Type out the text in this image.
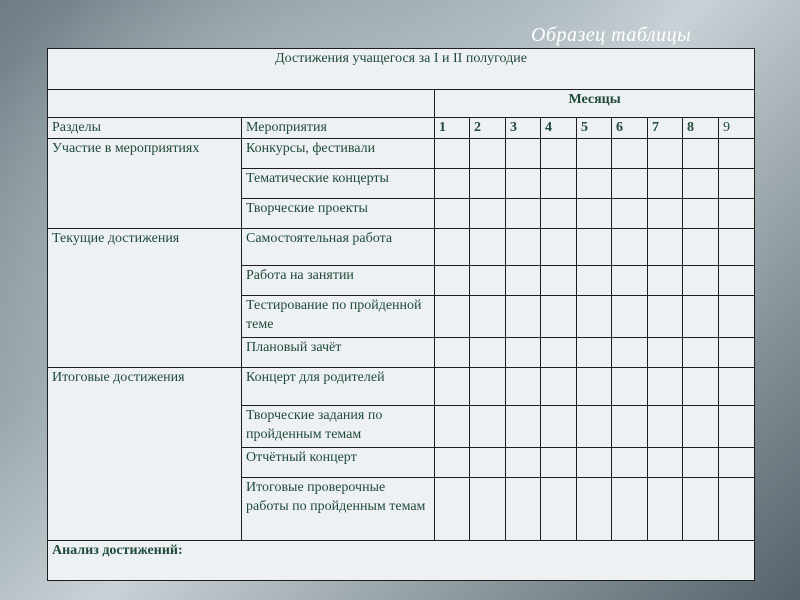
Образец таблицы
Достижения учащегося за I и II полугодие										
		Месяцы								
Разделы	Мероприятия	1	2	3	4	5	6	7	8	9
Участие в мероприятиях	Конкурсы, фестивали									
	Тематические концерты									
	Творческие проекты									
Текущие достижения	Самостоятельная работа									
	Работа на занятии									
	Тестирование по пройденной теме									
	Плановый зачёт									
Итоговые достижения	Концерт для родителей									
	Творческие задания по пройденным темам									
	Отчётный концерт									
	Итоговые проверочные работы по пройденным темам									
Анализ достижений:										
